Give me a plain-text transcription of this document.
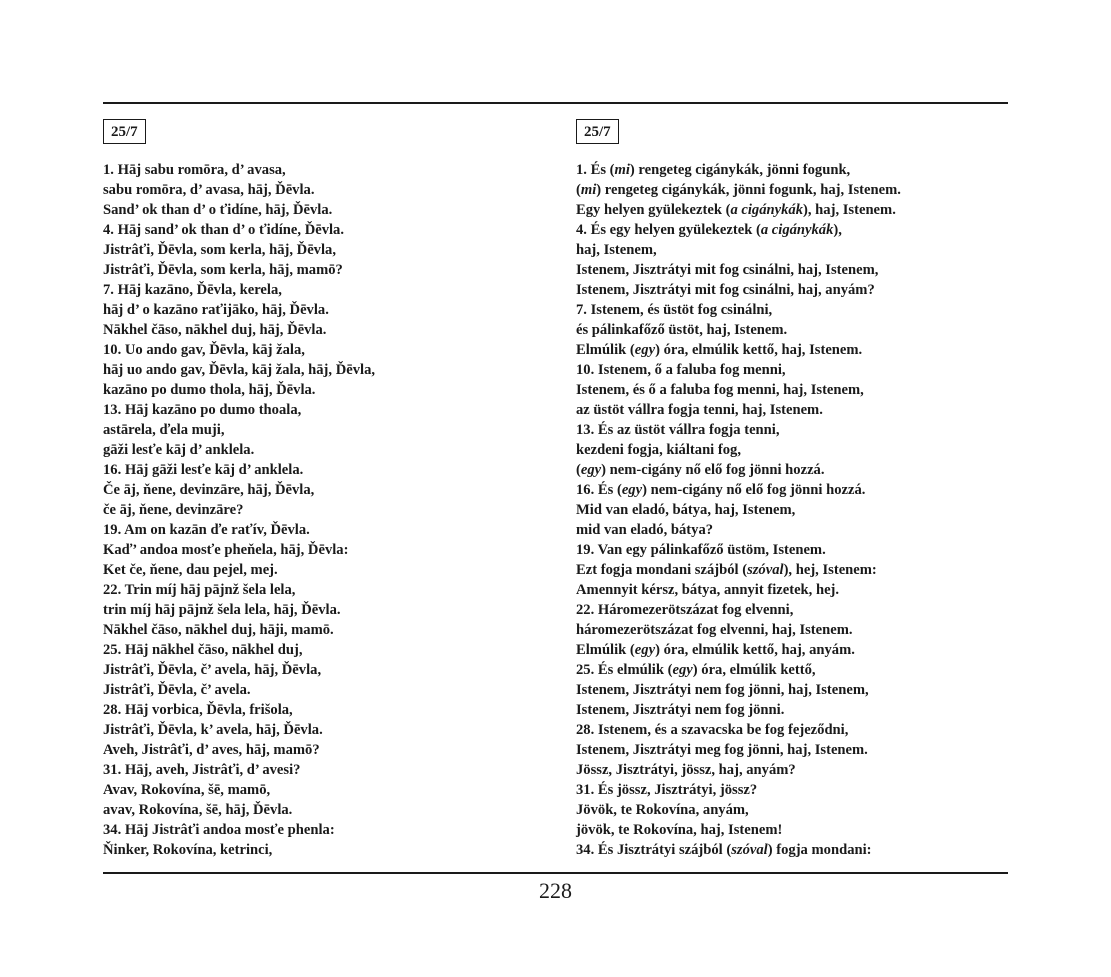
25/7
1. Hāj sabu romōra, d’ avasa,
sabu romōra, d’ avasa, hāj, Ďēvla.
Sand’ ok than d’ o ťidíne, hāj, Ďēvla.
4. Hāj sand’ ok than d’ o ťidíne, Ďēvla.
Jistrâťi, Ďēvla, som kerla, hāj, Ďēvla,
Jistrâťi, Ďēvla, som kerla, hāj, mamō?
7. Hāj kazāno, Ďēvla, kerela,
hāj d’ o kazāno raťijāko, hāj, Ďēvla.
Nākhel čāso, nākhel duj, hāj, Ďēvla.
10. Uo ando gav, Ďēvla, kāj žala,
hāj uo ando gav, Ďēvla, kāj žala, hāj, Ďēvla,
kazāno po dumo thola, hāj, Ďēvla.
13. Hāj kazāno po dumo thoala,
astārela, ďela muji,
gāži lesťe kāj d’ anklela.
16. Hāj gāži lesťe kāj d’ anklela.
Če āj, ňene, devinzāre, hāj, Ďēvla,
če āj, ňene, devinzāre?
19. Am on kazān ďe raťív, Ďēvla.
Kaď’ andoa mosťe pheňela, hāj, Ďēvla:
Ket če, ňene, dau pejel, mej.
22. Trin míj hāj pājnž šela lela,
trin míj hāj pājnž šela lela, hāj, Ďēvla.
Nākhel čāso, nākhel duj, hāji, mamō.
25. Hāj nākhel čāso, nākhel duj,
Jistrâťi, Ďēvla, č’ avela, hāj, Ďēvla,
Jistrâťi, Ďēvla, č’ avela.
28. Hāj vorbica, Ďēvla, frišola,
Jistrâťi, Ďēvla, k’ avela, hāj, Ďēvla.
Aveh, Jistrâťi, d’ aves, hāj, mamō?
31. Hāj, aveh, Jistrâťi, d’ avesi?
Avav, Rokovína, šē, mamō,
avav, Rokovína, šē, hāj, Ďēvla.
34. Hāj Jistrâťi andoa mosťe phenla:
Ňinker, Rokovína, ketrinci,
25/7
1. És (mi) rengeteg cigánykák, jönni fogunk,
(mi) rengeteg cigánykák, jönni fogunk, haj, Istenem.
Egy helyen gyülekeztek (a cigánykák), haj, Istenem.
4. És egy helyen gyülekeztek (a cigánykák),
haj, Istenem,
Istenem, Jisztrátyi mit fog csinálni, haj, Istenem,
Istenem, Jisztrátyi mit fog csinálni, haj, anyám?
7. Istenem, és üstöt fog csinálni,
és pálinkafőző üstöt, haj, Istenem.
Elmúlik (egy) óra, elmúlik kettő, haj, Istenem.
10. Istenem, ő a faluba fog menni,
Istenem, és ő a faluba fog menni, haj, Istenem,
az üstöt vállra fogja tenni, haj, Istenem.
13. És az üstöt vállra fogja tenni,
kezdeni fogja, kiáltani fog,
(egy) nem-cigány nő elő fog jönni hozzá.
16. És (egy) nem-cigány nő elő fog jönni hozzá.
Mid van eladó, bátya, haj, Istenem,
mid van eladó, bátya?
19. Van egy pálinkafőző üstöm, Istenem.
Ezt fogja mondani szájból (szóval), hej, Istenem:
Amennyit kérsz, bátya, annyit fizetek, hej.
22. Háromezerötszázat fog elvenni,
háromezerötszázat fog elvenni, haj, Istenem.
Elmúlik (egy) óra, elmúlik kettő, haj, anyám.
25. És elmúlik (egy) óra, elmúlik kettő,
Istenem, Jisztrátyi nem fog jönni, haj, Istenem,
Istenem, Jisztrátyi nem fog jönni.
28. Istenem, és a szavacska be fog fejeződni,
Istenem, Jisztrátyi meg fog jönni, haj, Istenem.
Jössz, Jisztrátyi, jössz, haj, anyám?
31. És jössz, Jisztrátyi, jössz?
Jövök, te Rokovína, anyám,
jövök, te Rokovína, haj, Istenem!
34. És Jisztrátyi szájból (szóval) fogja mondani:
228
